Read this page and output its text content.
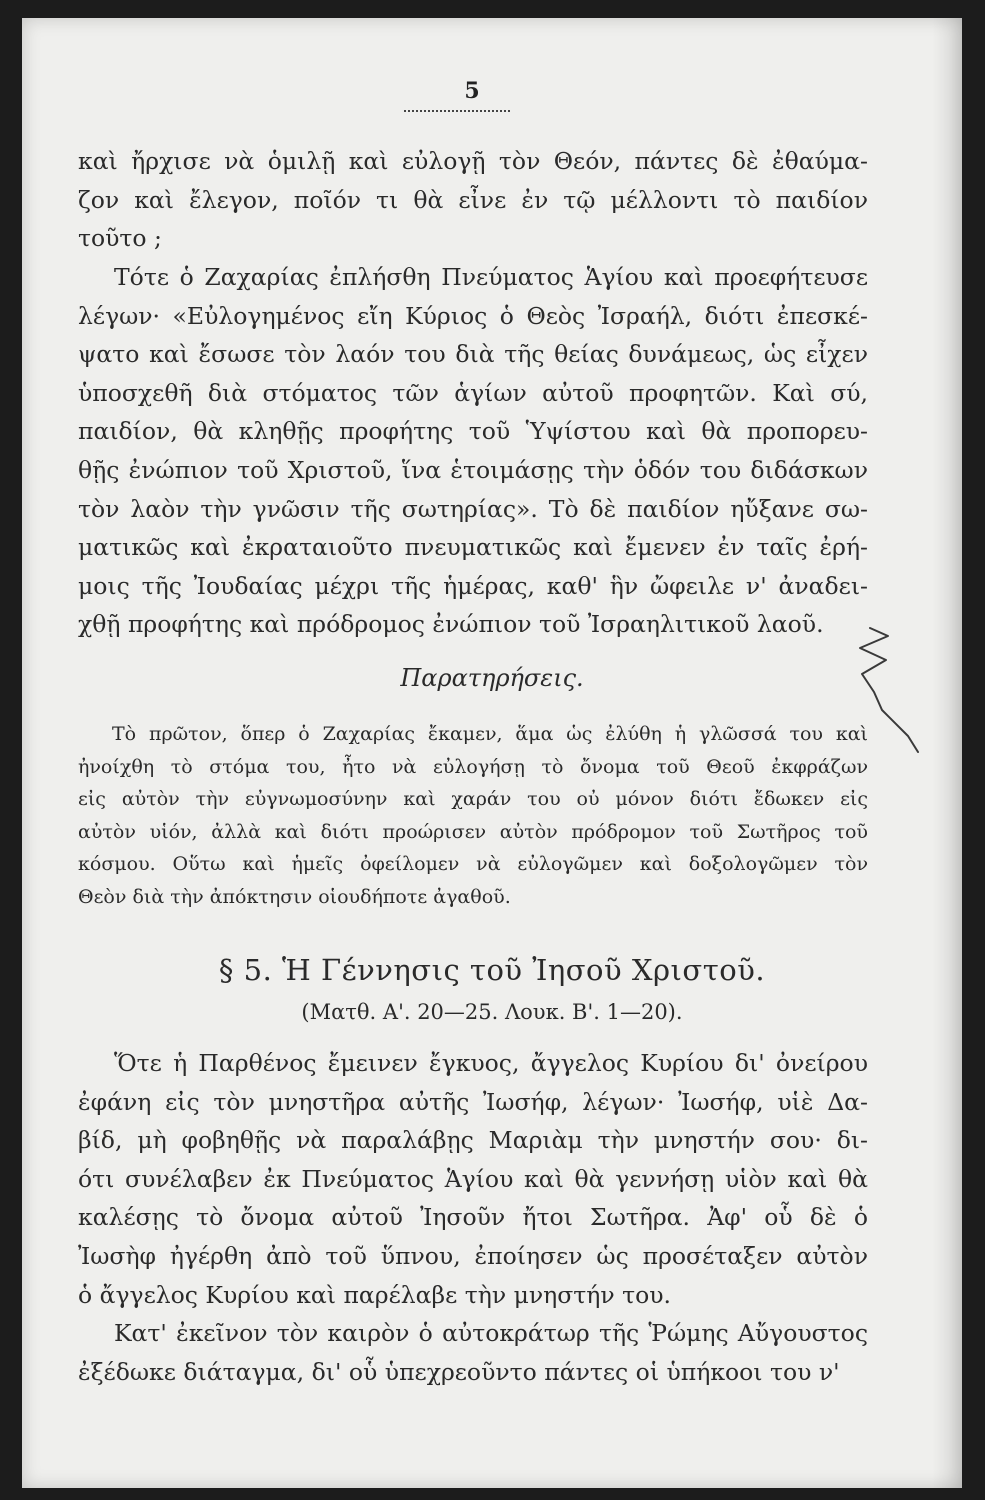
5
καὶ ἤρχισε νὰ ὁμιλῇ καὶ εὐλογῇ τὸν Θεόν, πάντες δὲ ἐθαύμα-
ζον καὶ ἔλεγον, ποῖόν τι θὰ εἶνε ἐν τῷ μέλλοντι τὸ παιδίον
τοῦτο ;
Τότε ὁ Ζαχαρίας ἐπλήσθη Πνεύματος Ἁγίου καὶ προεφήτευσε
λέγων· «Εὐλογημένος εἴη Κύριος ὁ Θεὸς Ἰσραήλ, διότι ἐπεσκέ-
ψατο καὶ ἔσωσε τὸν λαόν του διὰ τῆς θείας δυνάμεως, ὡς εἶχεν
ὑποσχεθῆ διὰ στόματος τῶν ἁγίων αὐτοῦ προφητῶν. Καὶ σύ,
παιδίον, θὰ κληθῇς προφήτης τοῦ Ὑψίστου καὶ θὰ προπορευ-
θῇς ἐνώπιον τοῦ Χριστοῦ, ἵνα ἑτοιμάσῃς τὴν ὁδόν του διδάσκων
τὸν λαὸν τὴν γνῶσιν τῆς σωτηρίας». Τὸ δὲ παιδίον ηὔξανε σω-
ματικῶς καὶ ἐκραταιοῦτο πνευματικῶς καὶ ἔμενεν ἐν ταῖς ἐρή-
μοις τῆς Ἰουδαίας μέχρι τῆς ἡμέρας, καθ' ἣν ὤφειλε ν' ἀναδει-
χθῇ προφήτης καὶ πρόδρομος ἐνώπιον τοῦ Ἰσραηλιτικοῦ λαοῦ.
Παρατηρήσεις.
Τὸ πρῶτον, ὅπερ ὁ Ζαχαρίας ἔκαμεν, ἅμα ὡς ἐλύθη ἡ γλῶσσά του καὶ
ἠνοίχθη τὸ στόμα του, ἦτο νὰ εὐλογήσῃ τὸ ὄνομα τοῦ Θεοῦ ἐκφράζων
εἰς αὐτὸν τὴν εὐγνωμοσύνην καὶ χαράν του οὐ μόνον διότι ἔδωκεν εἰς
αὐτὸν υἱόν, ἀλλὰ καὶ διότι προώρισεν αὐτὸν πρόδρομον τοῦ Σωτῆρος τοῦ
κόσμου. Οὕτω καὶ ἡμεῖς ὀφείλομεν νὰ εὐλογῶμεν καὶ δοξολογῶμεν τὸν
Θεὸν διὰ τὴν ἀπόκτησιν οἱουδήποτε ἀγαθοῦ.
§ 5. Ἡ Γέννησις τοῦ Ἰησοῦ Χριστοῦ.
(Ματθ. Α'. 20—25. Λουκ. Β'. 1—20).
Ὅτε ἡ Παρθένος ἔμεινεν ἔγκυος, ἄγγελος Κυρίου δι' ὀνείρου
ἐφάνη εἰς τὸν μνηστῆρα αὐτῆς Ἰωσήφ, λέγων· Ἰωσήφ, υἱὲ Δα-
βίδ, μὴ φοβηθῇς νὰ παραλάβῃς Μαριὰμ τὴν μνηστήν σου· δι-
ότι συνέλαβεν ἐκ Πνεύματος Ἁγίου καὶ θὰ γεννήσῃ υἱὸν καὶ θὰ
καλέσῃς τὸ ὄνομα αὐτοῦ Ἰησοῦν ἤτοι Σωτῆρα. Ἀφ' οὗ δὲ ὁ
Ἰωσὴφ ἠγέρθη ἀπὸ τοῦ ὕπνου, ἐποίησεν ὡς προσέταξεν αὐτὸν
ὁ ἄγγελος Κυρίου καὶ παρέλαβε τὴν μνηστήν του.
Κατ' ἐκεῖνον τὸν καιρὸν ὁ αὐτοκράτωρ τῆς Ῥώμης Αὔγουστος
ἐξέδωκε διάταγμα, δι' οὗ ὑπεχρεοῦντο πάντες οἱ ὑπήκοοι του ν'
